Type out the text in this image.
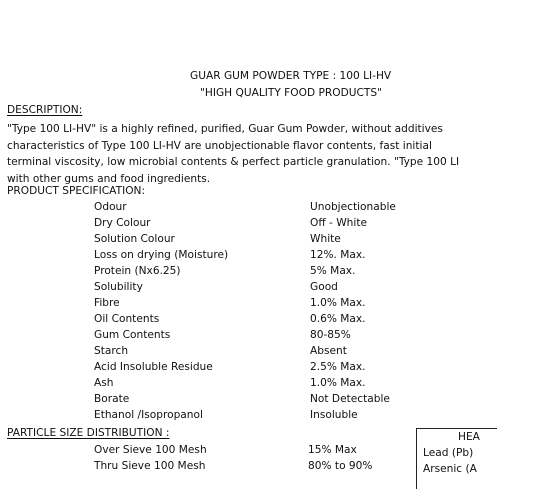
GUAR GUM POWDER TYPE : 100 LI-HV
"HIGH QUALITY FOOD PRODUCTS"
DESCRIPTION:
"Type 100 LI-HV" is a highly refined, purified, Guar Gum Powder, without additives
characteristics of Type 100 LI-HV are unobjectionable flavor contents, fast initial
terminal viscosity, low microbial contents & perfect particle granulation. "Type 100 LI
with other gums and food ingredients.
PRODUCT SPECIFICATION:
Odour	Unobjectionable
Dry Colour	Off - White
Solution Colour	White
Loss on drying (Moisture)	12%. Max.
Protein (Nx6.25)	5% Max.
Solubility	Good
Fibre	1.0% Max.
Oil Contents	0.6% Max.
Gum Contents	80-85%
Starch	Absent
Acid Insoluble Residue	2.5% Max.
Ash	1.0% Max.
Borate	Not Detectable
Ethanol /Isopropanol	Insoluble
PARTICLE SIZE DISTRIBUTION :
Over Sieve 100 Mesh	15% Max
Thru Sieve 100 Mesh	80% to 90%
HEA
Lead (Pb)
Arsenic (A
